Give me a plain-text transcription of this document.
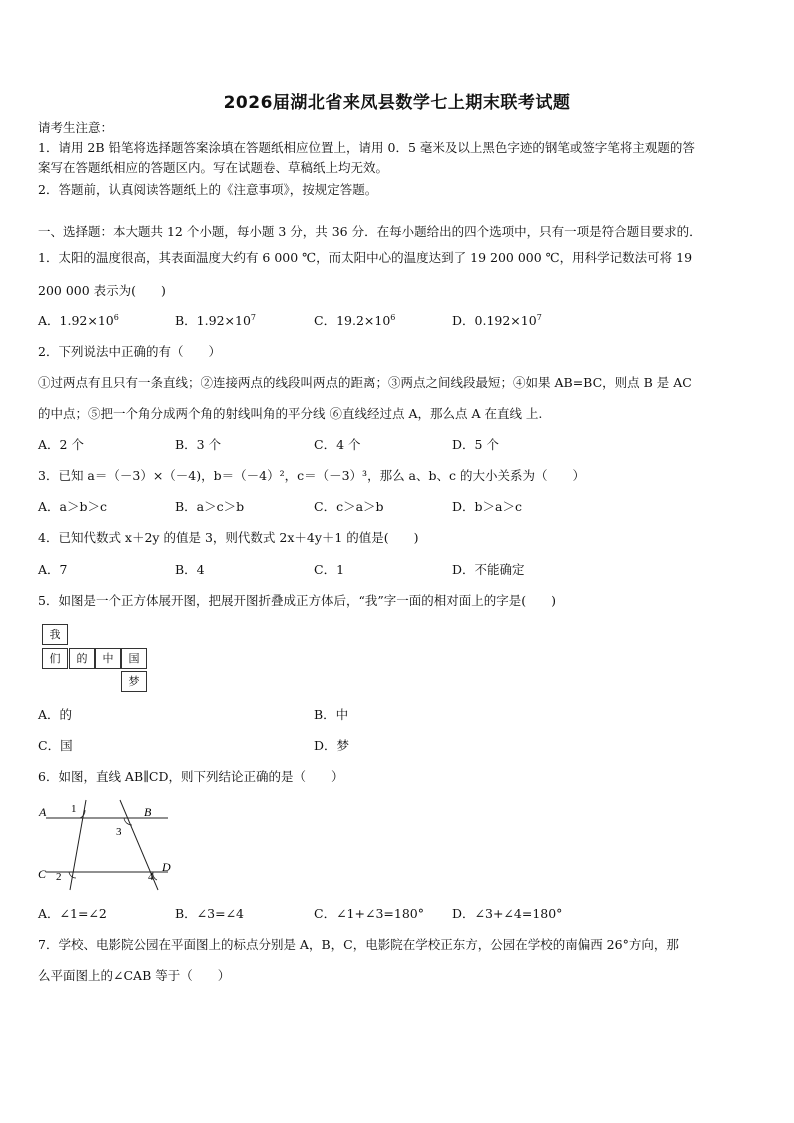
2026届湖北省来凤县数学七上期末联考试题
请考生注意：
1．请用 2B 铅笔将选择题答案涂填在答题纸相应位置上，请用 0．5 毫米及以上黑色字迹的钢笔或签字笔将主观题的答
案写在答题纸相应的答题区内。写在试题卷、草稿纸上均无效。
2．答题前，认真阅读答题纸上的《注意事项》，按规定答题。
一、选择题：本大题共 12 个小题，每小题 3 分，共 36 分．在每小题给出的四个选项中，只有一项是符合题目要求的．
1．太阳的温度很高，其表面温度大约有 6 000 ℃，而太阳中心的温度达到了 19 200 000 ℃，用科学记数法可将 19
200 000 表示为(　　)
A．$1.92\times 10^6$	B．$1.92\times 10^7$	C．$19.2\times 10^6$	D．$0.192\times 10^7$
2．下列说法中正确的有（　　）
①过两点有且只有一条直线；②连接两点的线段叫两点的距离；③两点之间线段最短；④如果 AB=BC，则点 B 是 AC
的中点；⑤把一个角分成两个角的射线叫角的平分线 ⑥直线经过点 A，那么点 A 在直线 上.
A．2 个	B．3 个	C．4 个	D．5 个
3．已知 a＝（－3）×（－4)，b＝（－4）²，c＝（－3）³，那么 a、b、c 的大小关系为（　　）
A．a＞b＞c	B．a＞c＞b	C．c＞a＞b	D．b＞a＞c
4．已知代数式 x＋2y 的值是 3，则代数式 2x＋4y＋1 的值是(　　)
A．7	B．4	C．1	D．不能确定
5．如图是一个正方体展开图，把展开图折叠成正方体后，“我”字一面的相对面上的字是(　　)
我
们	的	中	国
梦
A．的	B．中
C．国	D．梦
6．如图，直线 AB∥CD，则下列结论正确的是（　　）
A	B
C	D
1
2
3
4
A．∠1=∠2	B．∠3=∠4	C．∠1+∠3=180° D．∠3+∠4=180°
7．学校、电影院公园在平面图上的标点分别是 A，B，C，电影院在学校正东方，公园在学校的南偏西 26°方向，那
么平面图上的∠CAB 等于（　　）
